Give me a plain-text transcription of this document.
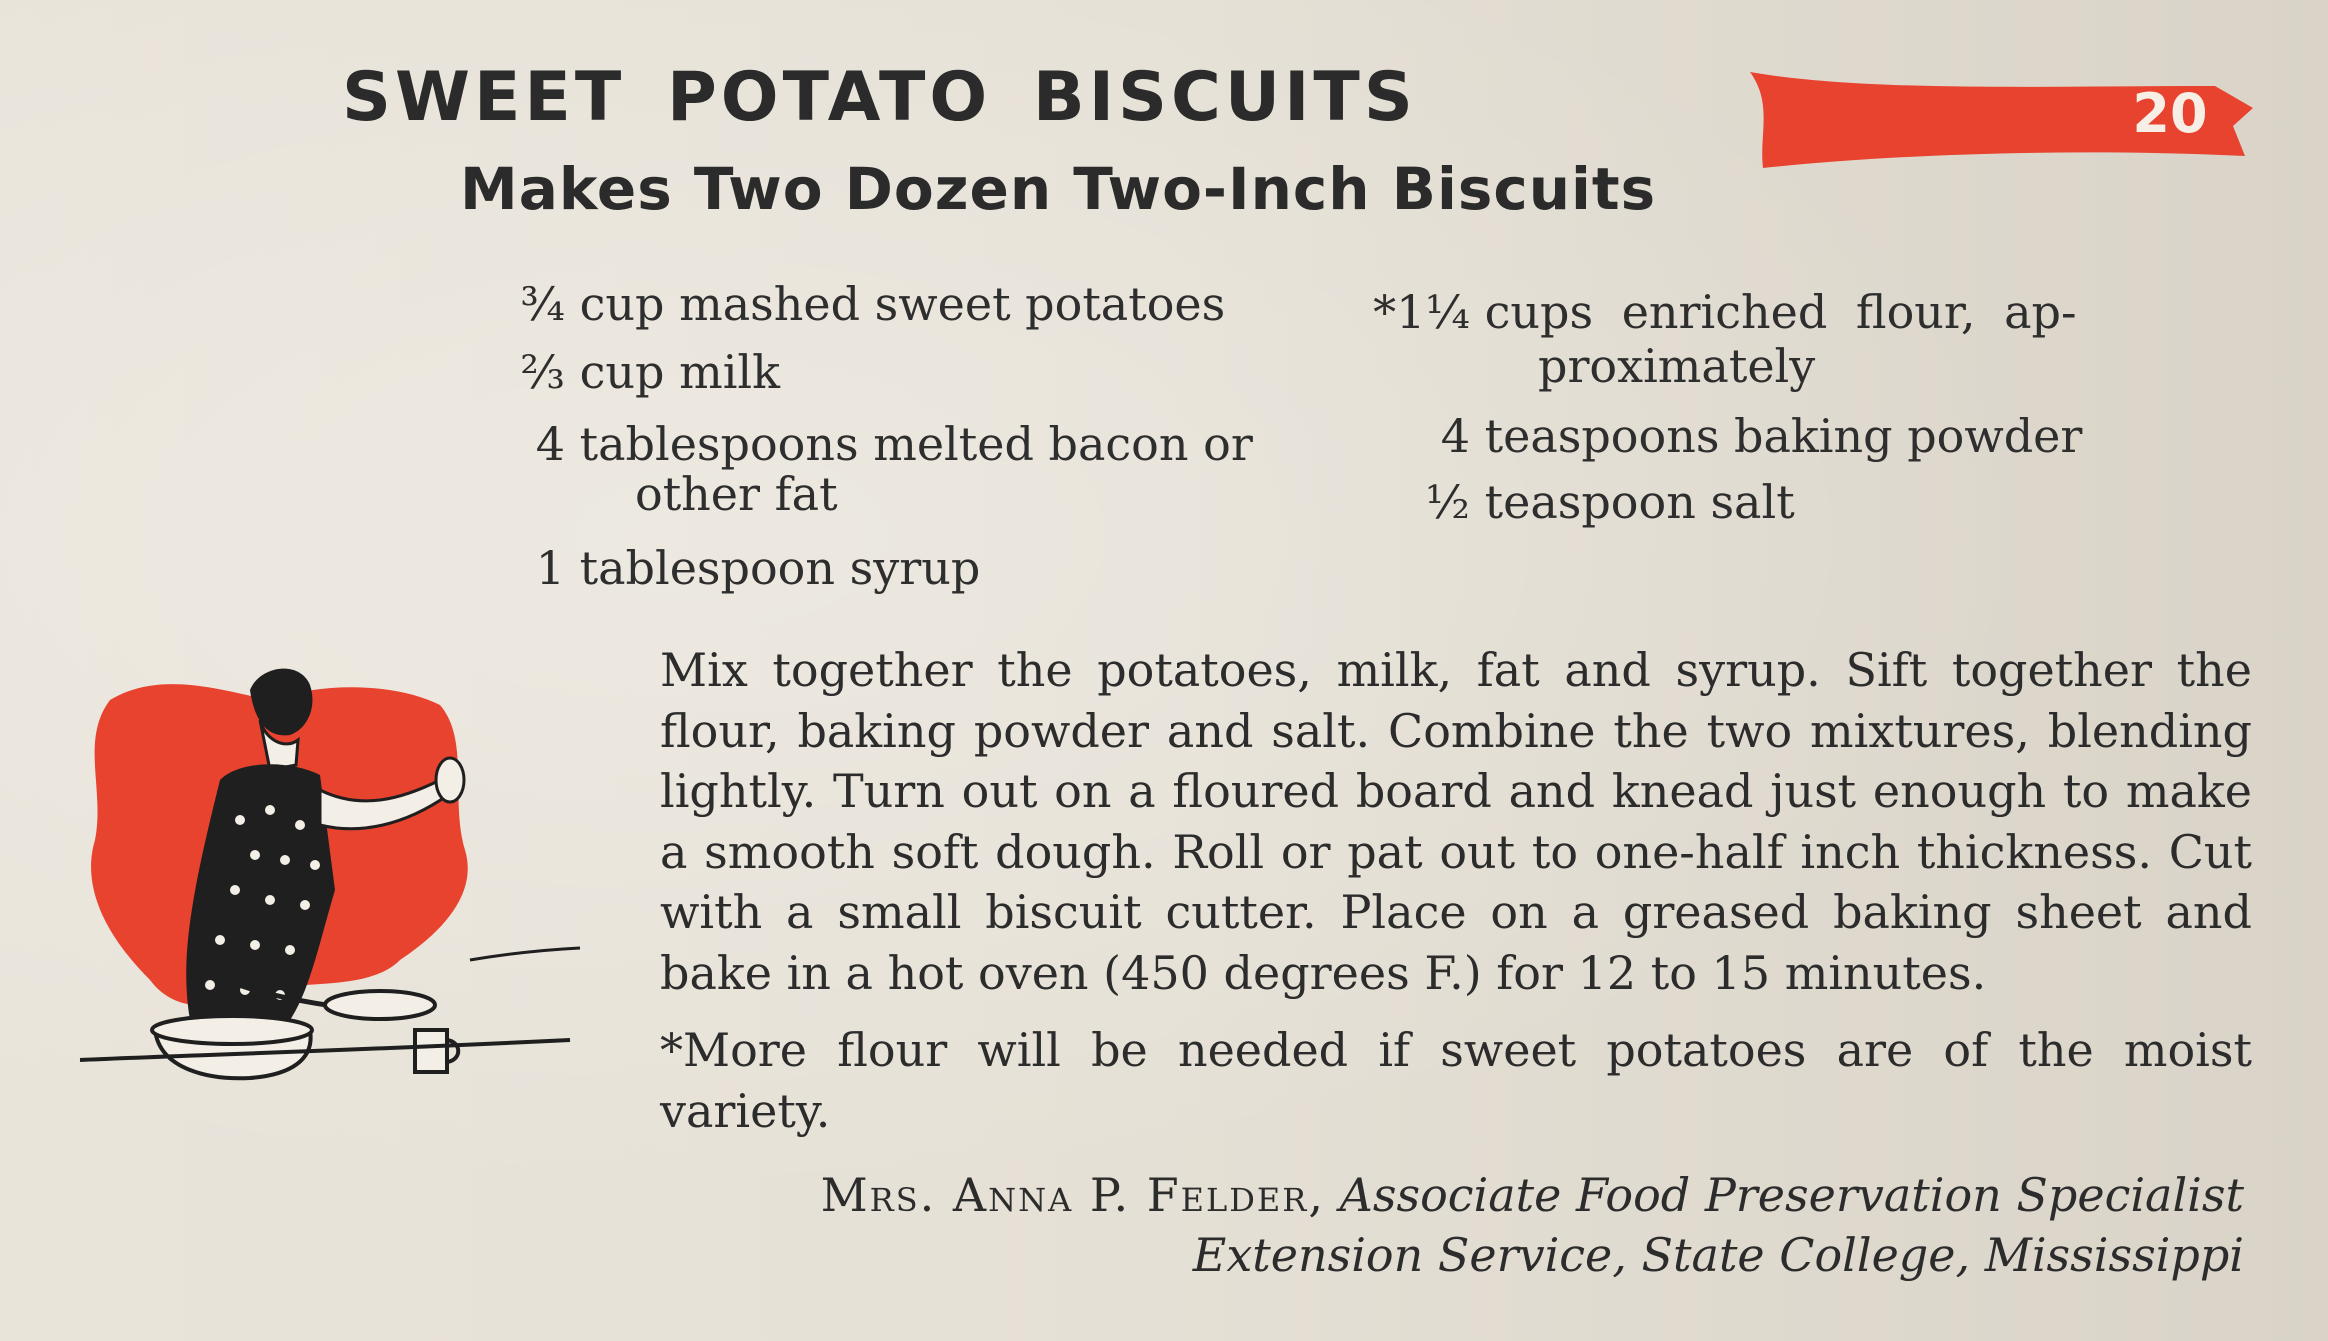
SWEET POTATO BISCUITS	20
Makes Two Dozen Two-Inch Biscuits
¾ cup mashed sweet potatoes
⅔ cup milk
4 tablespoons melted bacon or
other fat
1 tablespoon syrup
*1¼ cups enriched flour, ap-
proximately
4 teaspoons baking powder
½ teaspoon salt

Mix together the potatoes, milk, fat and syrup. Sift together the flour, baking powder and salt. Combine the two mixtures, blending lightly. Turn out on a floured board and knead just enough to make a smooth soft dough. Roll or pat out to one-half inch thickness. Cut with a small biscuit cutter. Place on a greased baking sheet and bake in a hot oven (450 degrees F.) for 12 to 15 minutes.

*More flour will be needed if sweet potatoes are of the moist variety.

Mrs. Anna P. Felder, Associate Food Preservation Specialist
Extension Service, State College, Mississippi
